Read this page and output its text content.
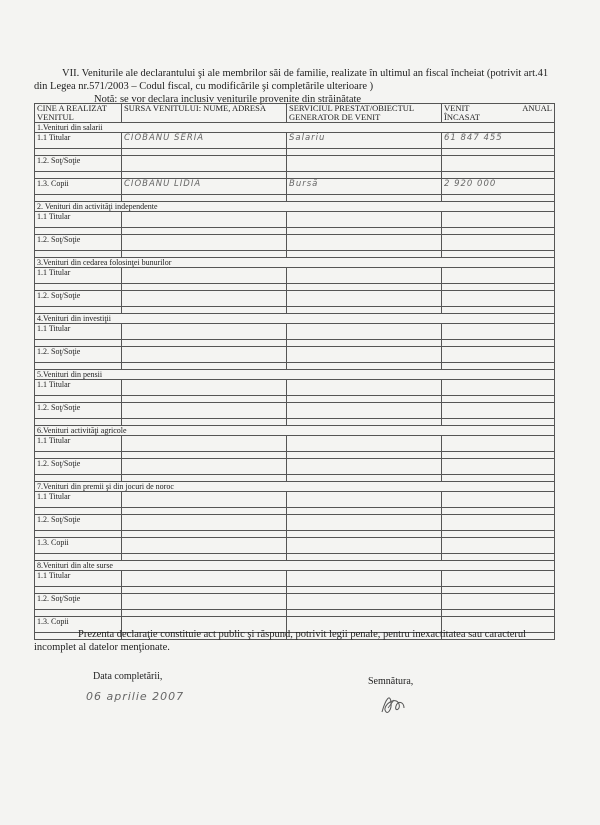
VII. Veniturile ale declarantului şi ale membrilor săi de familie, realizate în ultimul an fiscal încheiat (potrivit art.41 din Legea nr.571/2003 – Codul fiscal, cu modificările şi completările ulterioare )
Notă: se vor declara inclusiv veniturile provenite din străinătate
CINE A REALIZAT VENITUL	SURSA VENITULUI: NUME, ADRESA	SERVICIUL PRESTAT/OBIECTUL GENERATOR DE VENIT	VENIT ANUAL
ÎNCASAT

1.Venituri din salarii			
1.1 Titular	CIOBANU SERIA	Salariu	61 847 455

1.2. Soţ/Soţie			

1.3. Copii	CIOBANU LIDIA	Bursă	2 920 000

2. Venituri din activităţi independente			
1.1 Titular			

1.2. Soţ/Soţie			

3.Venituri din cedarea folosinţei bunurilor			
1.1 Titular			

1.2. Soţ/Soţie			

4.Venituri din investiţii			
1.1 Titular			

1.2. Soţ/Soţie			

5.Venituri din pensii			
1.1 Titular			

1.2. Soţ/Soţie			

6.Venituri activităţi agricole			
1.1 Titular			

1.2. Soţ/Soţie			

7.Venituri din premii şi din jocuri de noroc			
1.1 Titular			

1.2. Soţ/Soţie			

1.3. Copii			

8.Venituri din alte surse			
1.1 Titular			

1.2. Soţ/Soţie			

1.3. Copii			

Prezenta declaraţie constituie act public şi răspund, potrivit legii penale, pentru inexactitatea sau caracterul incomplet al datelor menţionate.
Data completării,
06 aprilie 2007
Semnătura,
